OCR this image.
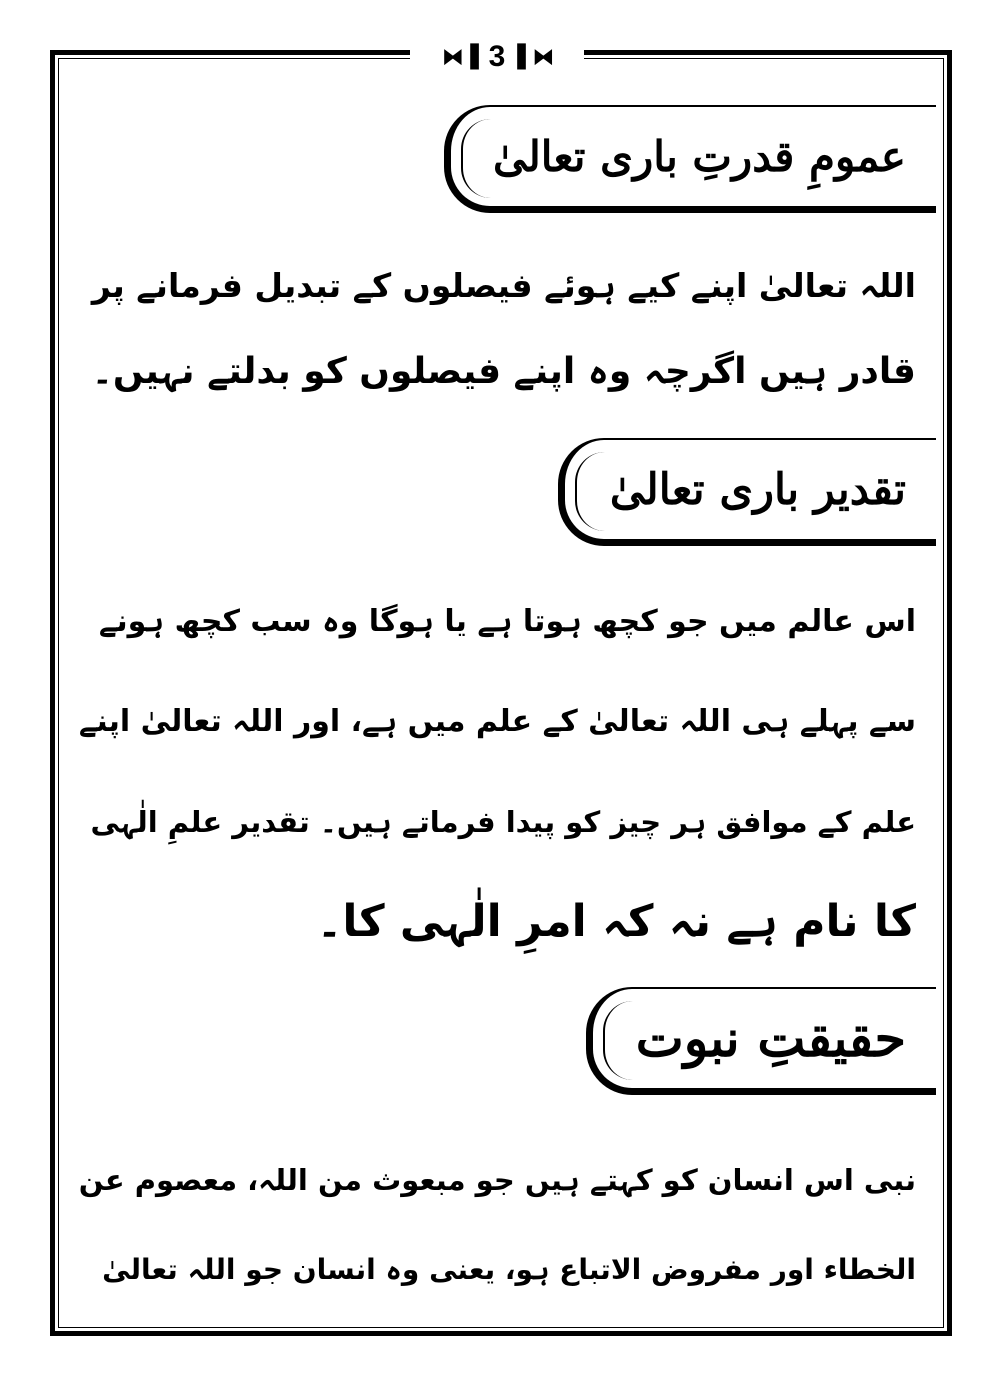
⧓▐ 3 ▌⧓
عمومِ قدرتِ باری تعالیٰ
اللہ تعالیٰ اپنے کیے ہوئے فیصلوں کے تبدیل فرمانے پر
قادر ہیں اگرچہ وہ اپنے فیصلوں کو بدلتے نہیں۔
تقدیر باری تعالیٰ
اس عالم میں جو کچھ ہوتا ہے یا ہوگا وہ سب کچھ ہونے
سے پہلے ہی اللہ تعالیٰ کے علم میں ہے، اور اللہ تعالیٰ اپنے
علم کے موافق ہر چیز کو پیدا فرماتے ہیں۔ تقدیر علمِ الٰہی
کا نام ہے نہ کہ امرِ الٰہی کا۔
حقیقتِ نبوت
نبی اس انسان کو کہتے ہیں جو مبعوث من اللہ، معصوم عن
الخطاء اور مفروض الاتباع ہو، یعنی وہ انسان جو اللہ تعالیٰ
